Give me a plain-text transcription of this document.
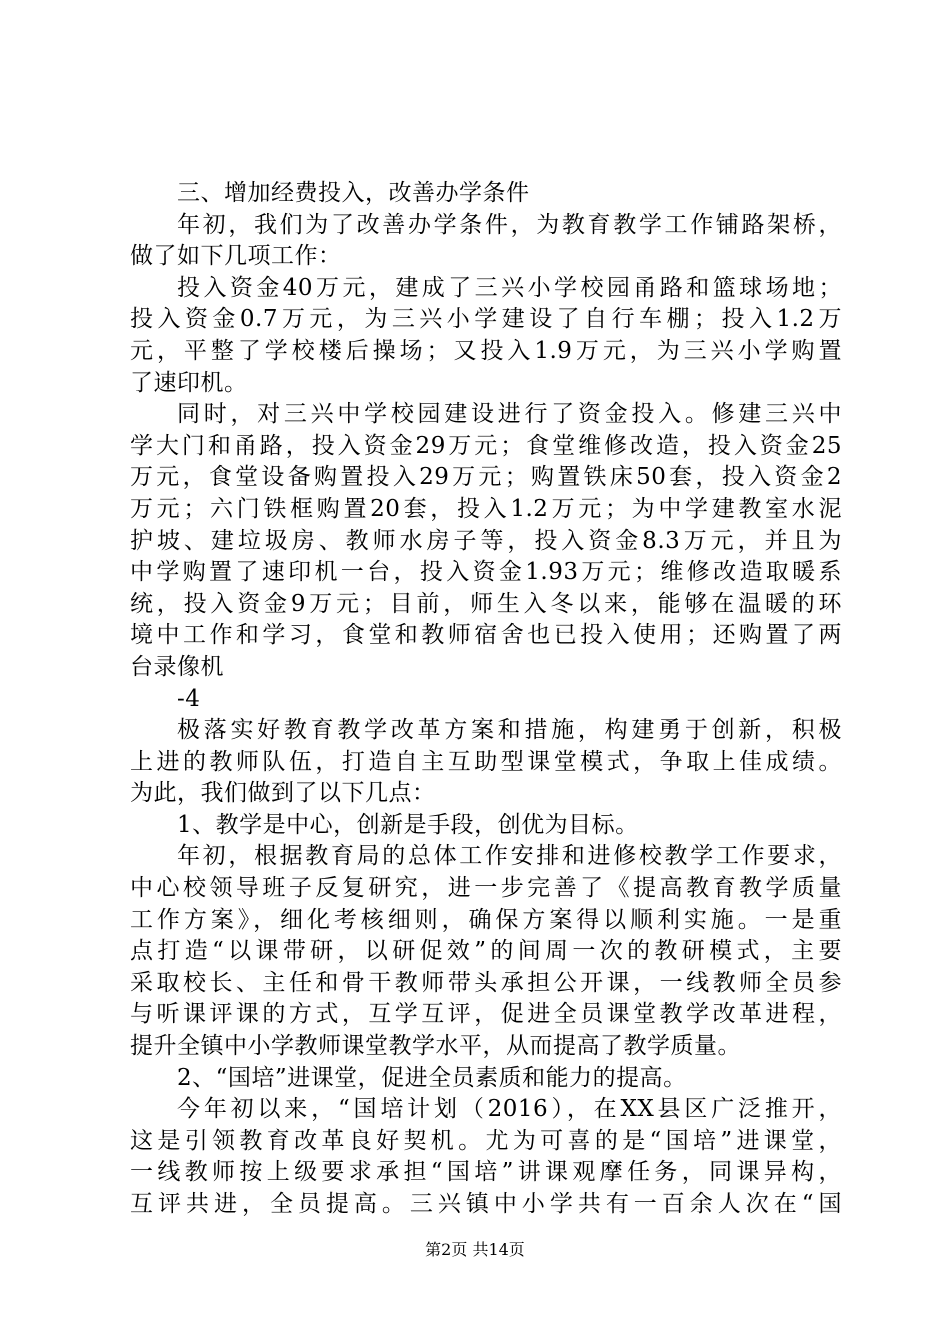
三、增加经费投入，改善办学条件
年初，我们为了改善办学条件，为教育教学工作铺路架桥，
做了如下几项工作：
投入资金40万元，建成了三兴小学校园甬路和篮球场地；
投入资金0.7万元，为三兴小学建设了自行车棚；投入1.2万
元，平整了学校楼后操场；又投入1.9万元，为三兴小学购置
了速印机。
同时，对三兴中学校园建设进行了资金投入。修建三兴中
学大门和甬路，投入资金29万元；食堂维修改造，投入资金25
万元，食堂设备购置投入29万元；购置铁床50套，投入资金2
万元；六门铁框购置20套，投入1.2万元；为中学建教室水泥
护坡、建垃圾房、教师水房子等，投入资金8.3万元，并且为
中学购置了速印机一台，投入资金1.93万元；维修改造取暖系
统，投入资金9万元；目前，师生入冬以来，能够在温暖的环
境中工作和学习，食堂和教师宿舍也已投入使用；还购置了两
台录像机
-4
极落实好教育教学改革方案和措施，构建勇于创新，积极
上进的教师队伍，打造自主互助型课堂模式，争取上佳成绩。
为此，我们做到了以下几点：
1、教学是中心，创新是手段，创优为目标。
年初，根据教育局的总体工作安排和进修校教学工作要求，
中心校领导班子反复研究，进一步完善了《提高教育教学质量
工作方案》，细化考核细则，确保方案得以顺利实施。一是重
点打造“以课带研，以研促效”的间周一次的教研模式，主要
采取校长、主任和骨干教师带头承担公开课，一线教师全员参
与听课评课的方式，互学互评，促进全员课堂教学改革进程，
提升全镇中小学教师课堂教学水平，从而提高了教学质量。
2、“国培”进课堂，促进全员素质和能力的提高。
今年初以来，“国培计划（2016），在XX县区广泛推开，
这是引领教育改革良好契机。尤为可喜的是“国培”进课堂，
一线教师按上级要求承担“国培”讲课观摩任务，同课异构，
互评共进，全员提高。三兴镇中小学共有一百余人次在“国
第2页 共14页
